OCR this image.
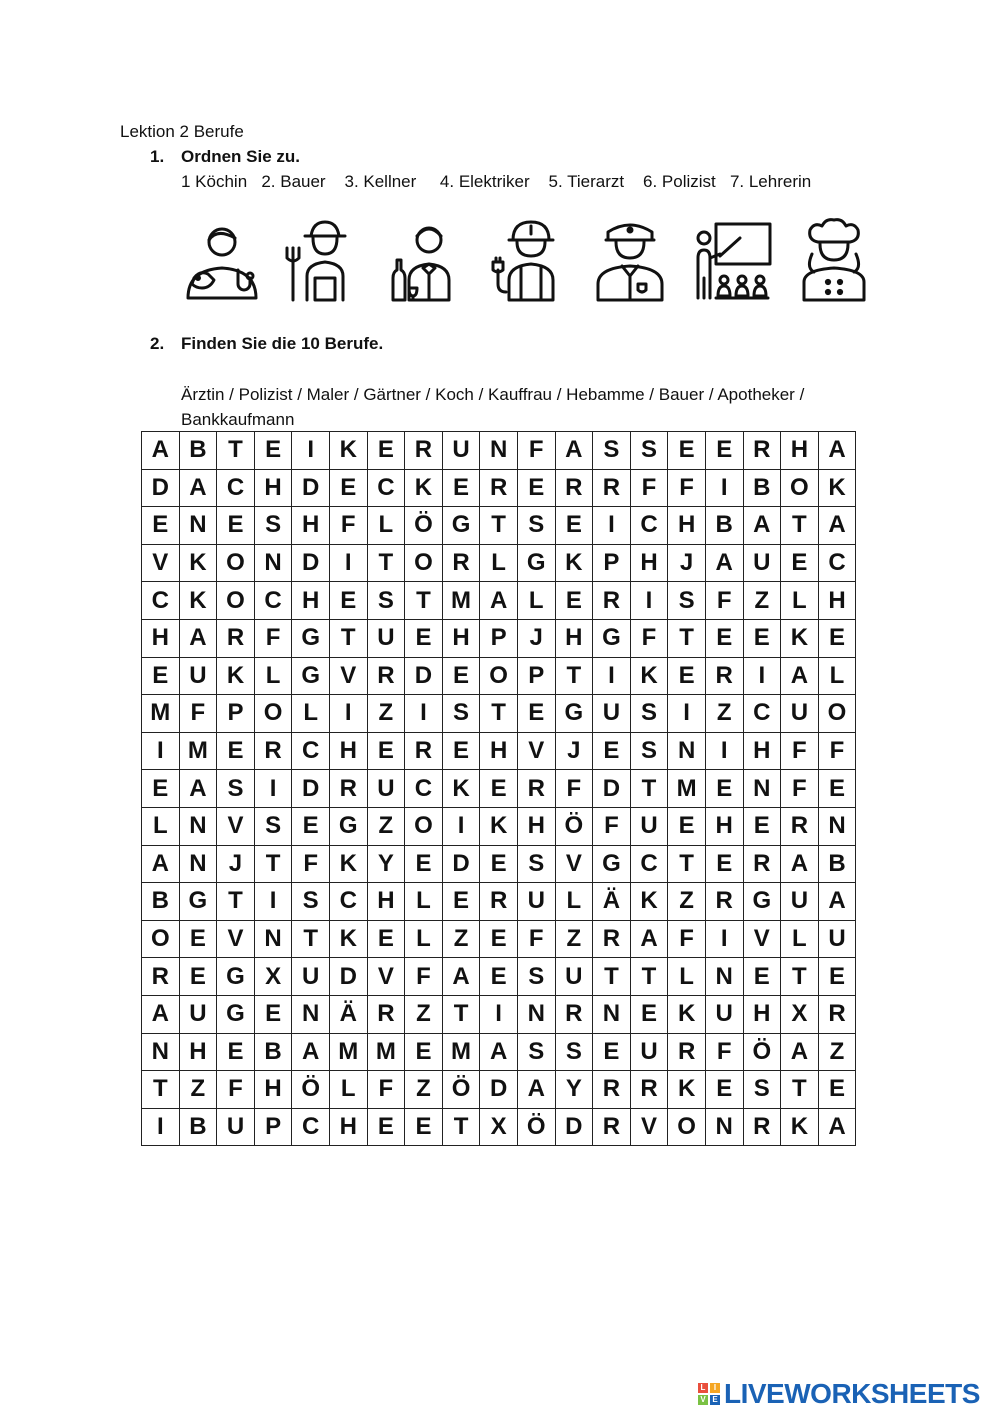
Lektion 2 Berufe
1. Ordnen Sie zu.
1 Köchin   2. Bauer    3. Kellner     4. Elektriker    5. Tierarzt    6. Polizist   7. Lehrerin
2. Finden Sie die 10 Berufe.
Ärztin / Polizist / Maler / Gärtner / Koch / Kauffrau / Hebamme / Bauer / Apotheker / Bankkaufmann
A	B	T	E	I	K	E	R	U	N	F	A	S	S	E	E	R	H	A
D	A	C	H	D	E	C	K	E	R	E	R	R	F	F	I	B	O	K
E	N	E	S	H	F	L	Ö	G	T	S	E	I	C	H	B	A	T	A
V	K	O	N	D	I	T	O	R	L	G	K	P	H	J	A	U	E	C
C	K	O	C	H	E	S	T	M	A	L	E	R	I	S	F	Z	L	H
H	A	R	F	G	T	U	E	H	P	J	H	G	F	T	E	E	K	E
E	U	K	L	G	V	R	D	E	O	P	T	I	K	E	R	I	A	L
M	F	P	O	L	I	Z	I	S	T	E	G	U	S	I	Z	C	U	O
I	M	E	R	C	H	E	R	E	H	V	J	E	S	N	I	H	F	F
E	A	S	I	D	R	U	C	K	E	R	F	D	T	M	E	N	F	E
L	N	V	S	E	G	Z	O	I	K	H	Ö	F	U	E	H	E	R	N
A	N	J	T	F	K	Y	E	D	E	S	V	G	C	T	E	R	A	B
B	G	T	I	S	C	H	L	E	R	U	L	Ä	K	Z	R	G	U	A
O	E	V	N	T	K	E	L	Z	E	F	Z	R	A	F	I	V	L	U
R	E	G	X	U	D	V	F	A	E	S	U	T	T	L	N	E	T	E
A	U	G	E	N	Ä	R	Z	T	I	N	R	N	E	K	U	H	X	R
N	H	E	B	A	M	M	E	M	A	S	S	E	U	R	F	Ö	A	Z
T	Z	F	H	Ö	L	F	Z	Ö	D	A	Y	R	R	K	E	S	T	E
I	B	U	P	C	H	E	E	T	X	Ö	D	R	V	O	N	R	K	A
L	I
V E LIVEWORKSHEETS
